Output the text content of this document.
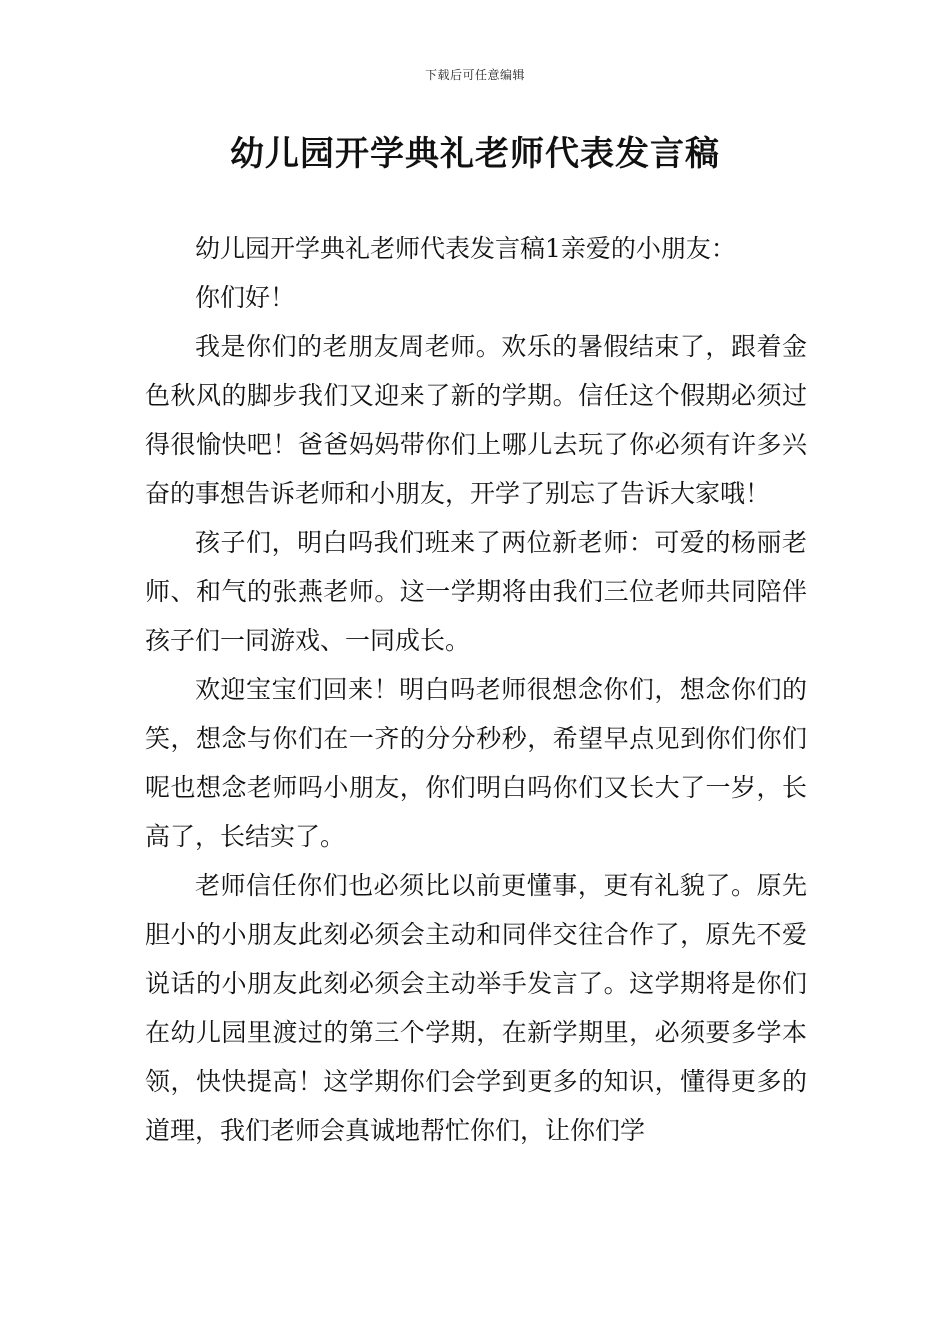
下载后可任意编辑
幼儿园开学典礼老师代表发言稿

幼儿园开学典礼老师代表发言稿1亲爱的小朋友：

你们好！

我是你们的老朋友周老师。欢乐的暑假结束了，跟着金色秋风的脚步我们又迎来了新的学期。信任这个假期必须过得很愉快吧！爸爸妈妈带你们上哪儿去玩了你必须有许多兴奋的事想告诉老师和小朋友，开学了别忘了告诉大家哦！

孩子们，明白吗我们班来了两位新老师：可爱的杨丽老师、和气的张燕老师。这一学期将由我们三位老师共同陪伴孩子们一同游戏、一同成长。

欢迎宝宝们回来！明白吗老师很想念你们，想念你们的笑，想念与你们在一齐的分分秒秒，希望早点见到你们你们呢也想念老师吗小朋友，你们明白吗你们又长大了一岁，长高了，长结实了。

老师信任你们也必须比以前更懂事，更有礼貌了。原先胆小的小朋友此刻必须会主动和同伴交往合作了，原先不爱说话的小朋友此刻必须会主动举手发言了。这学期将是你们在幼儿园里渡过的第三个学期，在新学期里，必须要多学本领，快快提高！这学期你们会学到更多的知识，懂得更多的道理，我们老师会真诚地帮忙你们，让你们学
